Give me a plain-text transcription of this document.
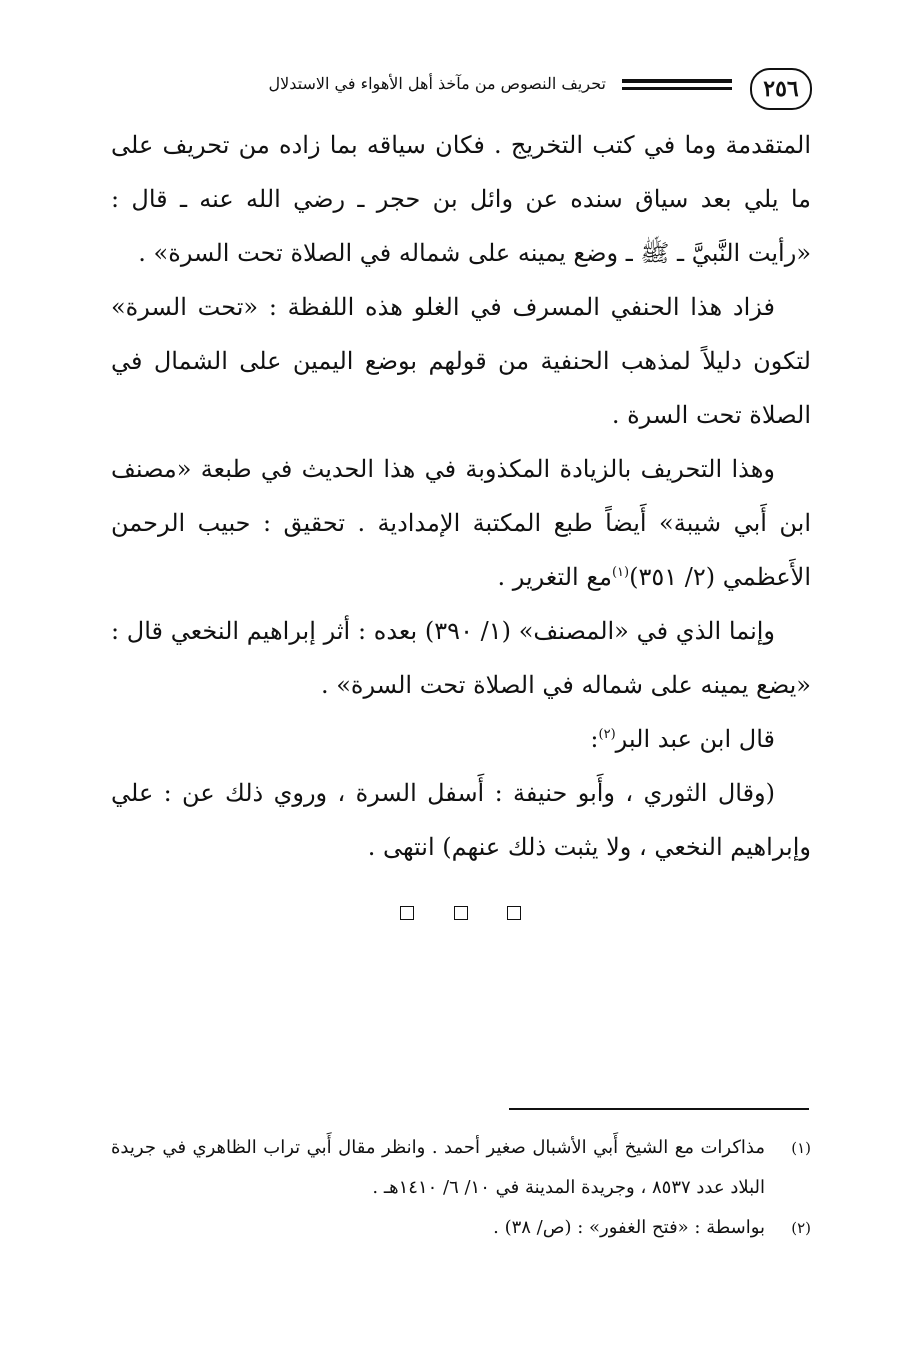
٢٥٦
تحريف النصوص من مآخذ أهل الأهواء في الاستدلال

المتقدمة وما في كتب التخريج . فكان سياقه بما زاده من تحريف على ما يلي بعد سياق سنده عن وائل بن حجر ـ رضي الله عنه ـ قال : «رأيت النَّبيَّ ـ ﷺ ـ وضع يمينه على شماله في الصلاة تحت السرة» .

فزاد هذا الحنفي المسرف في الغلو هذه اللفظة : «تحت السرة» لتكون دليلاً لمذهب الحنفية من قولهم بوضع اليمين على الشمال في الصلاة تحت السرة .

وهذا التحريف بالزيادة المكذوبة في هذا الحديث في طبعة «مصنف ابن أَبي شيبة» أَيضاً طبع المكتبة الإمدادية . تحقيق : حبيب الرحمن الأَعظمي (٢/ ٣٥١)$^{(١)}$مع التغرير .

وإنما الذي في «المصنف» (١/ ٣٩٠) بعده : أثر إبراهيم النخعي قال : «يضع يمينه على شماله في الصلاة تحت السرة» .

قال ابن عبد البر$^{(٢)}$:

(وقال الثوري ، وأَبو حنيفة : أَسفل السرة ، وروي ذلك عن : علي وإبراهيم النخعي ، ولا يثبت ذلك عنهم) انتهى .

(١)
مذاكرات مع الشيخ أَبي الأشبال صغير أحمد . وانظر مقال أَبي تراب الظاهري في جريدة البلاد عدد ٨٥٣٧ ، وجريدة المدينة في ١٠/ ٦/ ١٤١٠هـ .
(٢)
بواسطة : «فتح الغفور» : (ص/ ٣٨) .
